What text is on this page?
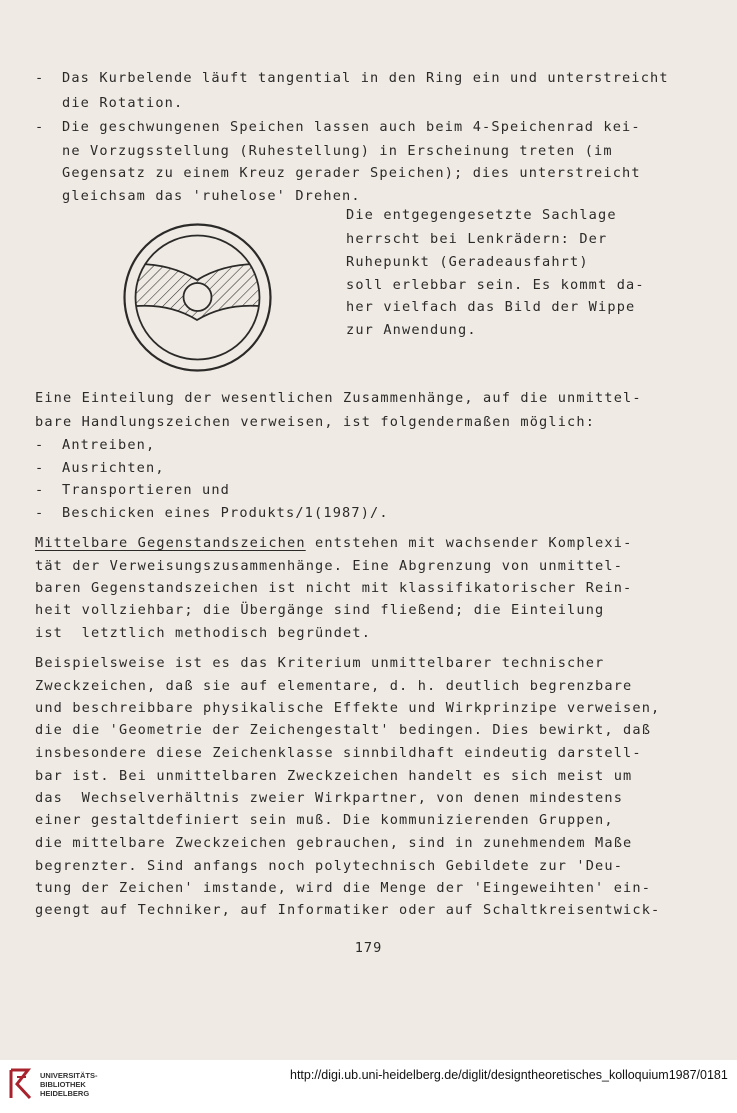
-	Das Kurbelende läuft tangential in den Ring ein und unterstreicht
die Rotation.
-	Die geschwungenen Speichen lassen auch beim 4-Speichenrad kei-
ne Vorzugsstellung (Ruhestellung) in Erscheinung treten (im
Gegensatz zu einem Kreuz gerader Speichen); dies unterstreicht
gleichsam das 'ruhelose' Drehen.
Die entgegengesetzte Sachlage
herrscht bei Lenkrädern: Der
Ruhepunkt (Geradeausfahrt)
soll erlebbar sein. Es kommt da-
her vielfach das Bild der Wippe
zur Anwendung.
Eine Einteilung der wesentlichen Zusammenhänge, auf die unmittel-
bare Handlungszeichen verweisen, ist folgendermaßen möglich:
-	Antreiben,
-	Ausrichten,
-	Transportieren und
-	Beschicken eines Produkts/1(1987)/.
Mittelbare Gegenstandszeichen entstehen mit wachsender Komplexi-
tät der Verweisungszusammenhänge. Eine Abgrenzung von unmittel-
baren Gegenstandszeichen ist nicht mit klassifikatorischer Rein-
heit vollziehbar; die Übergänge sind fließend; die Einteilung
ist  letztlich methodisch begründet.
Beispielsweise ist es das Kriterium unmittelbarer technischer
Zweckzeichen, daß sie auf elementare, d. h. deutlich begrenzbare
und beschreibbare physikalische Effekte und Wirkprinzipe verweisen,
die die 'Geometrie der Zeichengestalt' bedingen. Dies bewirkt, daß
insbesondere diese Zeichenklasse sinnbildhaft eindeutig darstell-
bar ist. Bei unmittelbaren Zweckzeichen handelt es sich meist um
das  Wechselverhältnis zweier Wirkpartner, von denen mindestens
einer gestaltdefiniert sein muß. Die kommunizierenden Gruppen,
die mittelbare Zweckzeichen gebrauchen, sind in zunehmendem Maße
begrenzter. Sind anfangs noch polytechnisch Gebildete zur 'Deu-
tung der Zeichen' imstande, wird die Menge der 'Eingeweihten' ein-
geengt auf Techniker, auf Informatiker oder auf Schaltkreisentwick-
179
UNIVERSITÄTS-
BIBLIOTHEK
HEIDELBERG
http://digi.ub.uni-heidelberg.de/diglit/designtheoretisches_kolloquium1987/0181
